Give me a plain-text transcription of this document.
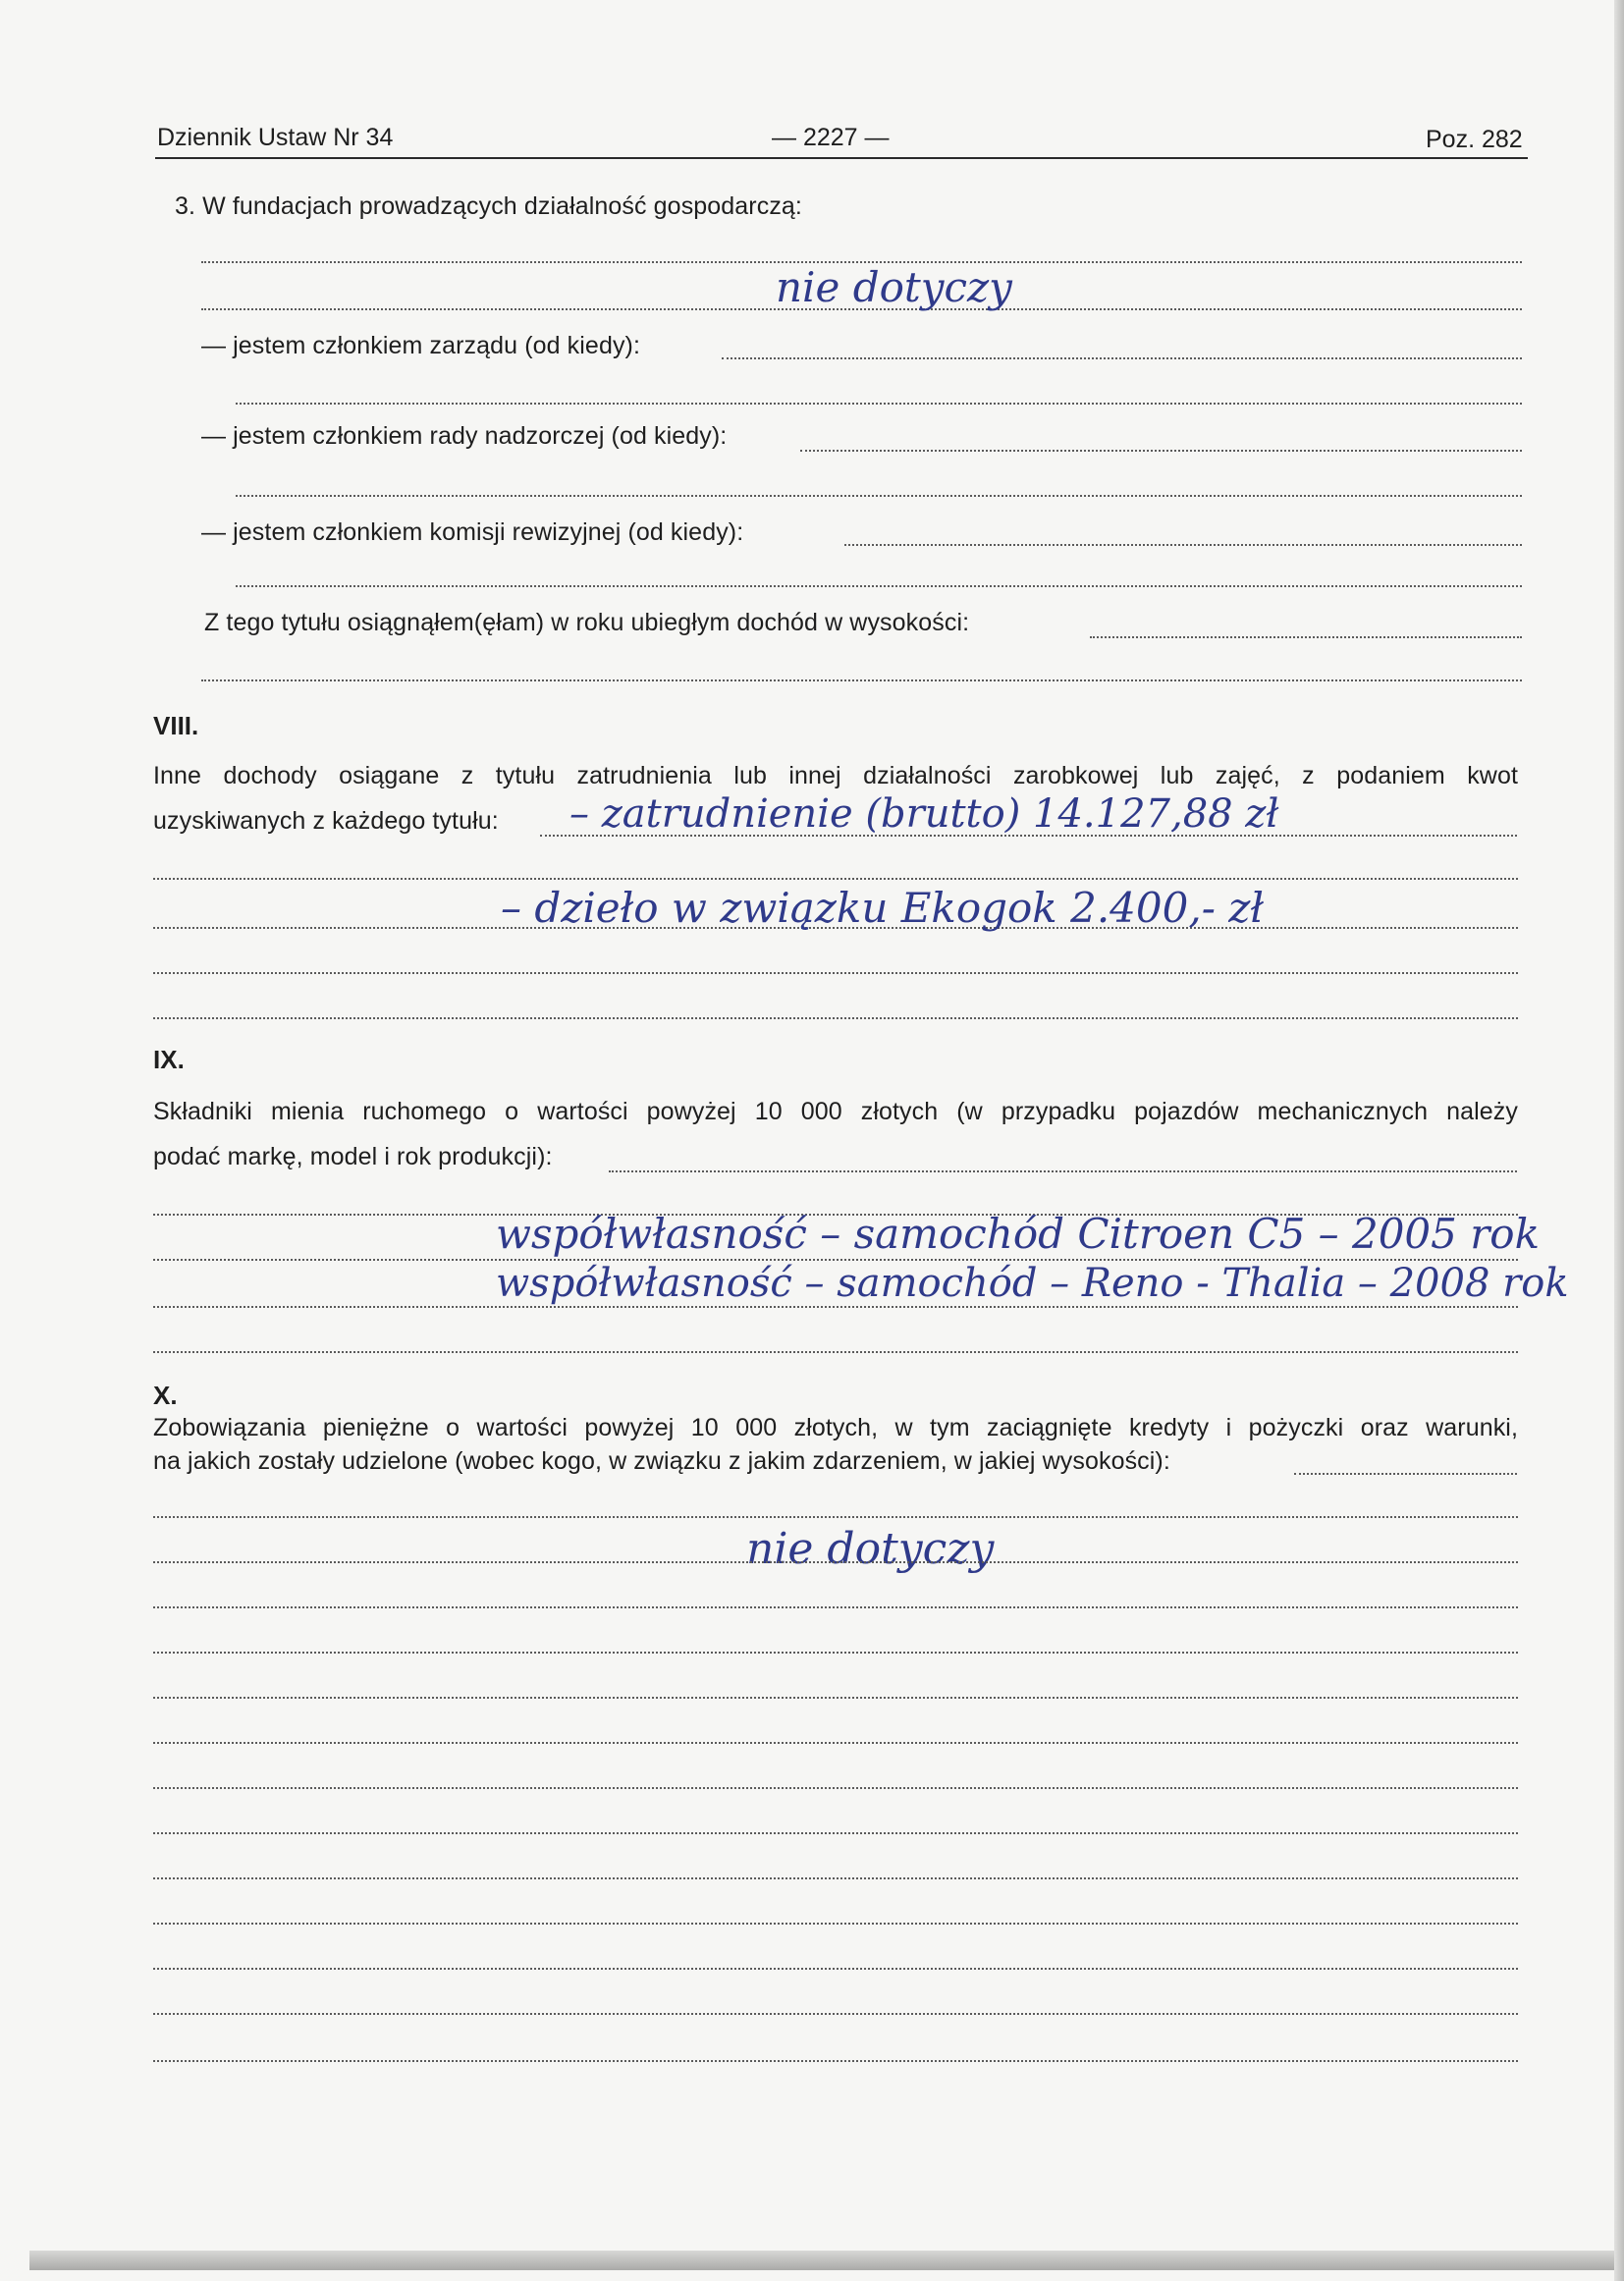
Dziennik Ustaw Nr 34	— 2227 —	Poz. 282
3. W fundacjach prowadzących działalność gospodarczą:
nie dotyczy
— jestem członkiem zarządu (od kiedy):
— jestem członkiem rady nadzorczej (od kiedy):
— jestem członkiem komisji rewizyjnej (od kiedy):
Z tego tytułu osiągnąłem(ęłam) w roku ubiegłym dochód w wysokości:
VIII.
Inne dochody osiągane z tytułu zatrudnienia lub innej działalności zarobkowej lub zajęć, z podaniem kwot
uzyskiwanych z każdego tytułu: – zatrudnienie (brutto) 14.127,88 zł
– dzieło w związku Ekogok 2.400,- zł
IX.
Składniki mienia ruchomego o wartości powyżej 10 000 złotych (w przypadku pojazdów mechanicznych należy
podać markę, model i rok produkcji):
współwłasność – samochód Citroen C5 – 2005 rok
współwłasność – samochód – Reno - Thalia – 2008 rok
X.
Zobowiązania pieniężne o wartości powyżej 10 000 złotych, w tym zaciągnięte kredyty i pożyczki oraz warunki,
na jakich zostały udzielone (wobec kogo, w związku z jakim zdarzeniem, w jakiej wysokości):
nie dotyczy
